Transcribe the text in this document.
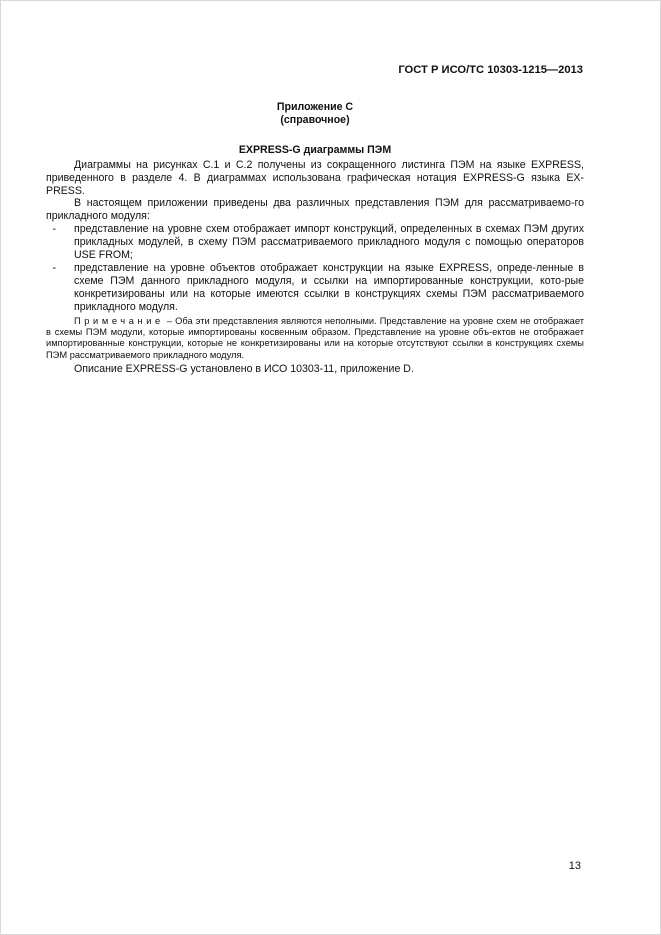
ГОСТ Р ИСО/ТС 10303-1215—2013
Приложение С
(справочное)
EXPRESS-G диаграммы ПЭМ

Диаграммы на рисунках С.1 и С.2 получены из сокращенного листинга ПЭМ на языке EXPRESS, приведенного в разделе 4. В диаграммах использована графическая нотация EXPRESS-G языка EX-PRESS.

В настоящем приложении приведены два различных представления ПЭМ для рассматриваемо-го прикладного модуля:

-	представление на уровне схем отображает импорт конструкций, определенных в схемах ПЭМ других прикладных модулей, в схему ПЭМ рассматриваемого прикладного модуля с помощью операторов USE FROM;
-	представление на уровне объектов отображает конструкции на языке EXPRESS, опреде-ленные в схеме ПЭМ данного прикладного модуля, и ссылки на импортированные конструкции, кото-рые конкретизированы или на которые имеются ссылки в конструкциях схемы ПЭМ рассматриваемого прикладного модуля.

Примечание – Оба эти представления являются неполными. Представление на уровне схем не отображает в схемы ПЭМ модули, которые импортированы косвенным образом. Представление на уровне объ-ектов не отображает импортированные конструкции, которые не конкретизированы или на которые отсутствуют ссылки в конструкциях схемы ПЭМ рассматриваемого прикладного модуля.

Описание EXPRESS-G установлено в ИСО 10303-11, приложение D.

13
